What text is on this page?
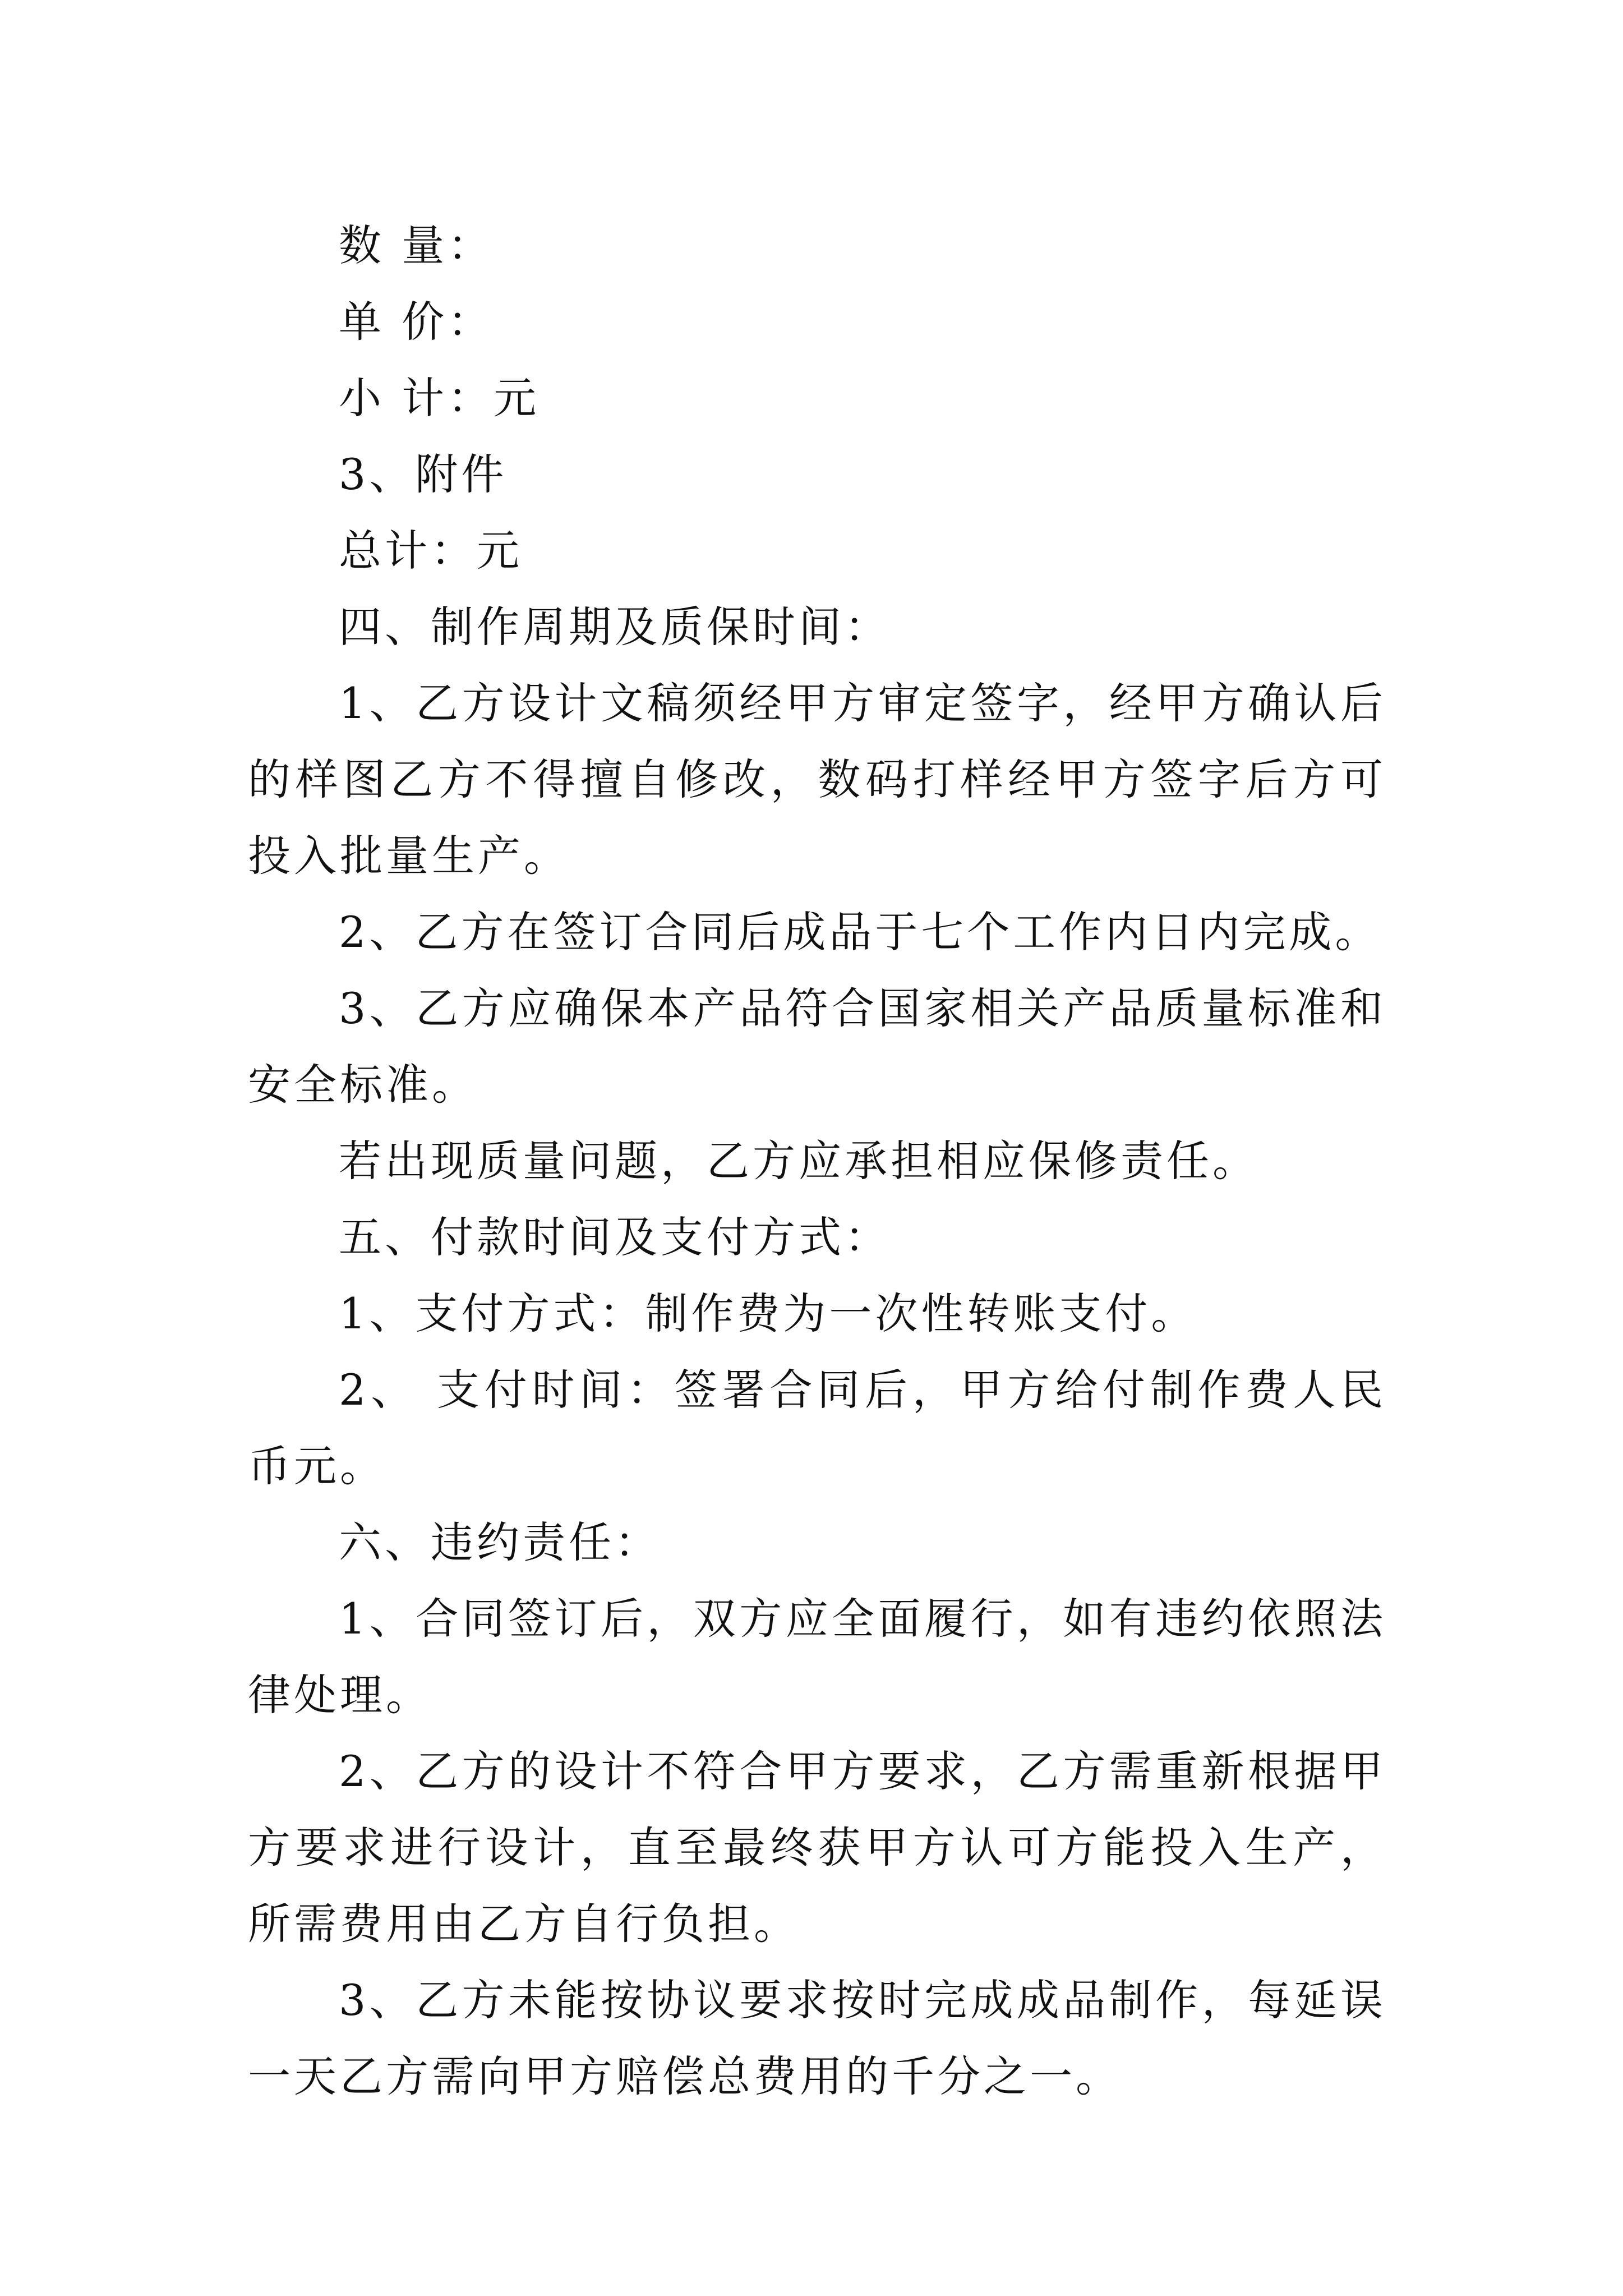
数 量：

单 价：

小 计：元

3、附件

总计：元

四、制作周期及质保时间：

1、乙方设计文稿须经甲方审定签字，经甲方确认后的样图乙方不得擅自修改，数码打样经甲方签字后方可投入批量生产。

2、乙方在签订合同后成品于七个工作内日内完成。

3、乙方应确保本产品符合国家相关产品质量标准和安全标准。

若出现质量问题，乙方应承担相应保修责任。

五、付款时间及支付方式：

1、支付方式：制作费为一次性转账支付。

2、 支付时间：签署合同后，甲方给付制作费人民币元。

六、违约责任：

1、合同签订后，双方应全面履行，如有违约依照法律处理。

2、乙方的设计不符合甲方要求，乙方需重新根据甲方要求进行设计，直至最终获甲方认可方能投入生产，所需费用由乙方自行负担。

3、乙方未能按协议要求按时完成成品制作，每延误一天乙方需向甲方赔偿总费用的千分之一。
